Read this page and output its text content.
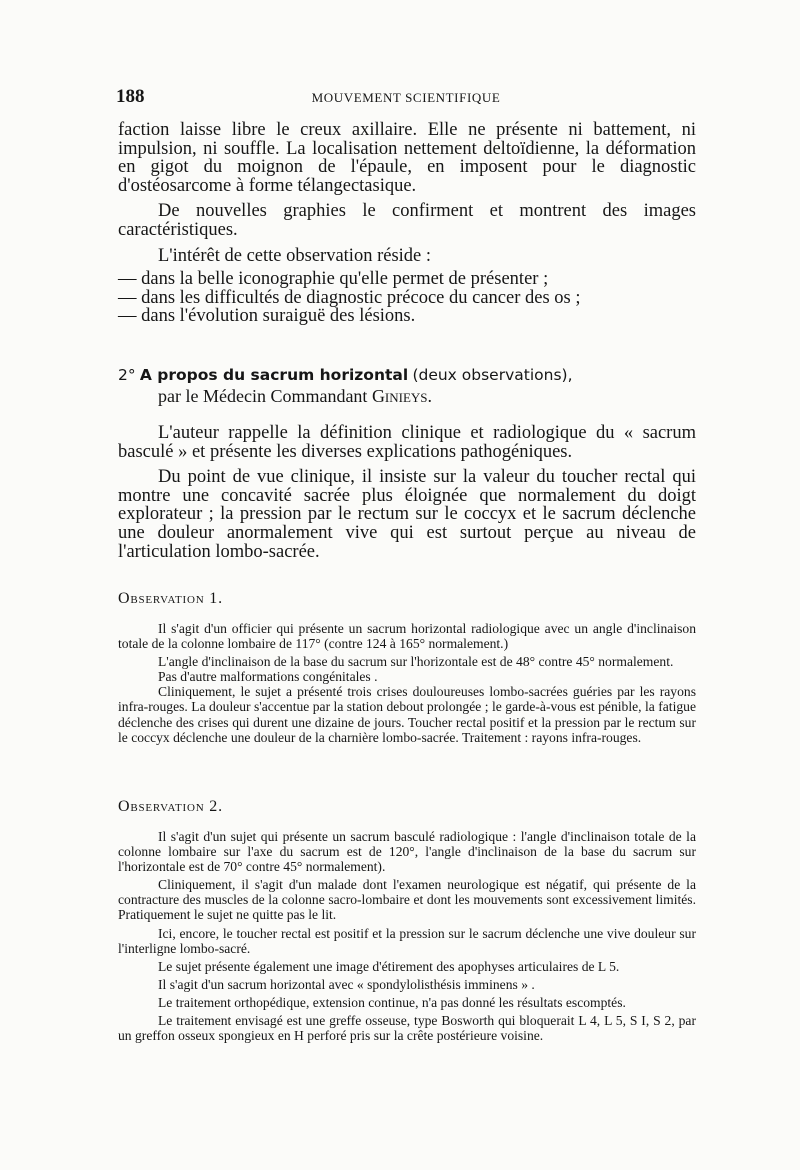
188	MOUVEMENT SCIENTIFIQUE

faction laisse libre le creux axillaire. Elle ne présente ni battement, ni impulsion, ni souffle. La localisation nettement deltoïdienne, la déformation en gigot du moignon de l'épaule, en imposent pour le diagnostic d'ostéosarcome à forme télangectasique.

De nouvelles graphies le confirment et montrent des images caractéristiques.

L'intérêt de cette observation réside :

— dans la belle iconographie qu'elle permet de présenter ;

— dans les difficultés de diagnostic précoce du cancer des os ;

— dans l'évolution suraiguë des lésions.

2° A propos du sacrum horizontal (deux observations),
par le Médecin Commandant Ginieys.

L'auteur rappelle la définition clinique et radiologique du « sacrum basculé » et présente les diverses explications pathogéniques.

Du point de vue clinique, il insiste sur la valeur du toucher rectal qui montre une concavité sacrée plus éloignée que normalement du doigt explorateur ; la pression par le rectum sur le coccyx et le sacrum déclenche une douleur anormalement vive qui est surtout perçue au niveau de l'articulation lombo-sacrée.

Observation 1.

Il s'agit d'un officier qui présente un sacrum horizontal radiologique avec un angle d'inclinaison totale de la colonne lombaire de 117° (contre 124 à 165° normalement.)

L'angle d'inclinaison de la base du sacrum sur l'horizontale est de 48° contre 45° normalement.

Pas d'autre malformations congénitales .

Cliniquement, le sujet a présenté trois crises douloureuses lombo-sacrées guéries par les rayons infra-rouges. La douleur s'accentue par la station debout prolongée ; le garde-à-vous est pénible, la fatigue déclenche des crises qui durent une dizaine de jours. Toucher rectal positif et la pression par le rectum sur le coccyx déclenche une douleur de la charnière lombo-sacrée. Traitement : rayons infra-rouges.

Observation 2.

Il s'agit d'un sujet qui présente un sacrum basculé radiologique : l'angle d'inclinaison totale de la colonne lombaire sur l'axe du sacrum est de 120°, l'angle d'inclinaison de la base du sacrum sur l'horizontale est de 70° contre 45° normalement).

Cliniquement, il s'agit d'un malade dont l'examen neurologique est négatif, qui présente de la contracture des muscles de la colonne sacro-lombaire et dont les mouvements sont excessivement limités. Pratiquement le sujet ne quitte pas le lit.

Ici, encore, le toucher rectal est positif et la pression sur le sacrum déclenche une vive douleur sur l'interligne lombo-sacré.

Le sujet présente également une image d'étirement des apophyses articulaires de L 5.

Il s'agit d'un sacrum horizontal avec « spondylolisthésis imminens » .

Le traitement orthopédique, extension continue, n'a pas donné les résultats escomptés.

Le traitement envisagé est une greffe osseuse, type Bosworth qui bloquerait L 4, L 5, S I, S 2, par un greffon osseux spongieux en H perforé pris sur la crête postérieure voisine.
